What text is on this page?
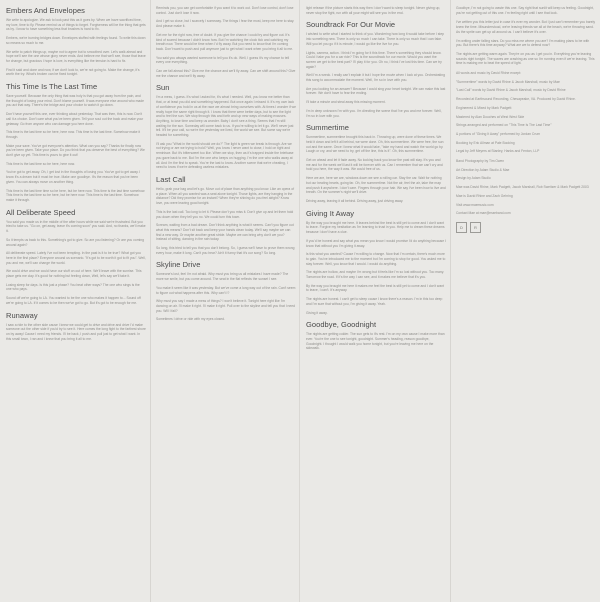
Embers And Envelopes

We write to apologize. We ask to look past this as it goes by. When we have sacrificed time, my love, time to fly. Please remind us of things to forget. Forgiveness will be the thing that gets us by. I know to have something less that brushes is hard to fix.

Embers, we're burning bridges down. Envelopes stuffed with feelings found. To write this down so means so much to me.

We write to patch things up, maybe not to agree but to smoothed over. Let's walk ahead and hope we'll see the one whose glory never ends. And believe me that we'll see, those that leave for change, but gracious I hope is love, is everything like the tension is hard to fix.

Find it said and done and now, if we don't look to, we're not going to. Make the change, it's worth the try. What's broken can be fixed tonight.

This Time Is The Last Time

Save yourself. Because the only thing that was holy is that you got away from the pain, and the thought of losing your mind. Don't blame yourself. It was everyone else around who made you act that way. There's the bridge and your choice to watch it go down.

Don't have yourself this one, ever thinking about yesterday. That was then, this is now. Don't call it a choice. Don't care what you've been given. Tell your soul out the back and make your getaway. Go from anyone who can damage you here done.

This time is the last time so be here, here now. This time is the last time. Somehow make it through.

Make your save. You've got everyone's attention. What can you say? Thanks for finally now you've been given. Take your place. Do you think that you deserve the best of everything? We don't give up yet. This time is yours to give it out!

This time is the last time so be here, here now.

You've got to get away. Oh, I get lost in the thoughts of losing you. You've got to get away. I know it's a dream but it must be true. Make one goodbye. It's the reason that you've been given. You can always move on another thing.

This time is the last time time so be here, but be here now. This time is the last time somehow. This time is the last time so be here, but be here now. This time is the last time. Somehow make it through.

All Deliberate Speed

You said you made us in the middle of the after hours while we said we're frustrated. But you tried to take us. "Go on, get away, leave it's coming soon" you said. And, no thanks, we'll make it.

So it tempts us back to this. Something's got to give. So are you listening? Or are you coming around again?

All deliberate speed. Lately I've not been tempting. In the past is it to be true? What got you here in the first place? Everyone around us scenario. "It's got to be worth it got to fit you". Well, you and me, we'll can change the world.

We could drive and we could have our stuff on out of here. We'll leave with the sunrise. This place gets me clay. It's good for nothing but feeling down, Well, let's say we'll take it.

Losing sleep for days. Is this just a phase? You beat other ways? The one who sings is the one who pays.

Sound off we're going to LA. You wanted to be the one who makes it happen to... Sound off we're going to LA. If it comes to be then we've got to go. But it's got to be enough for me.

Runaway

I saw a ride to the other side cause I knew we could get to drive and drive and drive I'd make someone out the other side if you'd try to see it. Here comes the long fight to the farthest shore on by away! Cause I need my friends. I'll be back, I push and pull just to get what I want. In this small town, I ran and I knew that you bring it all to me.

Reminds you, you can get comfortable if you want it to work out. Don't lose control, don't lose control. Just don't lose it now.

And I get so close, but I scarcely I someway. The things I fear the most, keep me here to stay. And please make it.

Get me for the right now, free of doubt. If you give the chance I could try and figure out. It's kind of scared because I didn't know how. But I'm watching the clock tick and catching my breath now. There would be time when I'd fly away. But you need to know that I'm coming back. Don't want to push and pull anymore just to get what I want when you bring it all to me.

You said you always wanted someone to tell you it's ok. Well, I guess it's my chance to tell every one everything.

Can we fall ahead this? Give me the chance and we'll fly away. Can we shift around this? Give me the chance and we'll fly away.

Sun

I'm a mess, I guess. It's what I asked for, it's what I needed. Well, you know me better than that, or at least you did and something happened. But once again I missed it. It's my own lack of confidence you hold in us at the race we almost bring ourselves with. At times I wonder if we really hope the same right through it. I know that there were better days, but to see the light and to feel the sun. We stop through this and forth and up new ways of making excuses. Anything, to lose time and keep us wonder. Baby I don't see a thing. Seems that I'm still waiting for the sun. Someday will come back to us. If you're willing to let it go. We'll never just tell. It'll be your call, so we're the yesterday we lived, the world we see. But some say we're headed for something.

I'll ask you "What in the world should we do?" The light is green we break is through. Are we not trying or are we trying to hold? Well, you know I never want to close, I hold on tight and reminisce. But it's bittersweet too like. When we stop, then as it's trapped inside the briefcase you gave back to me. But I'm the one who keeps on hugging. I'm the one who walks away at all. And I'm the first to speak. You're the last to know. Another scene that we're cheating, I need to know if we're defeating useless mistakes.

Last Call

Hello, grab your bag and let's go. Move out of place than anything you know. Like an opera of a place. When all you wanted was a seat alone tonight. Those lights, are they hanging in the distance? Did they promise for an instant? When they're shining do you feel alright? Know love, you were leaving good tonight.

This is the last call. Too long to let it. Please don't you miss it. Don't give up and let them hold you down when they tell you no. We could turn this town.

Scream, waiting from a bad dream. Don't think anything is what it seems. Can't you figure out what this means? Don't sit back and keep your hands clean today. We'll say maybe we can find a new way. Or maybe another great stride. Maybe we can bring why don't we you? Instead of sitting, dancing in the rain today.

So long, this tried to tell you that you don't belong. So, I guess we'll have to prove them wrong every hour, make it long. Can't you hear? Ain't it funny that it's our song? So long.

Skyline Drive

Someone's lost, feel I'm not afraid. Why must you bring us all mistakes I have made? The more we smile, but you come around. The seat in the flat reflects the sunset I see.

You make it seem like it was yesterday. But we've come a long way out of the rain. Can't seem to figure out what happens after this. Why can't I?

Why must you say I made a mess of things? I won't believe it. Tonight here right like I'm dancing on air. I'll make it right. I'll make it right. Pull over to the skyline and tell you that I need you. Will I fail?

Sometimes I drive or ride with my eyes closed.

light release if the picture starts this way then I don't want to sleep tonight. Never giving up, never stop the fight, run with all your might will see you in the end.

Soundtrack For Our Movie

I wished to write what I started to think of you. Wondering how long it would take before I step into something new. There is only so much I can take. There is only so much that I can fake. Will you let you go if it is minute, I would go like the live for you.

Lights, camera, action. I think I'm going for it this time. There's something they should know. Could I take you for a car ride? This is the soundtrack for our movie. Would you want the screen we get to the best part? I'll play it for you. Oh no, I think I've lost this time. Can we try again?

Well I'm a wreck. I really can't explain it but I hope the movie when I look at you. Orchestrating this song to accommodate the moment. Well, I'm so in love with you.

Are you looking for an answer? Because I could sing your heart tonight. We can make this last forever. We don't have to fear the ending.

I'll take a minute and steal away this missing moment.

I'm in deep unknown I'm with you. I'm directing the scene that I've you and me forever. Well, I'm so in love with you.

Summertime

Summertime, summertime brought this back in. Throwing up, were done of these times. We held it down and left it all behind, we were done. Oh, this summertime. We were free, the sun out and the same. Once I knew what it would take, "take my hand and watch the world go by. Laugh or cry, and we need to try, get off the line, this is it". Oh, this summertime.

Get on ahead and let it fade away. No looking back you know the past will stay. It's you and me and for the week we'll last it will be forever with us. Can I remember that we can't cry and hold you here, the way it was. We could free of us.

Here we are, here we are, windows down we see a rolling car. Stay the car. Wait for nothing but our beating hearts, going far. Oh, the summertime. Not the air, feel the air, take the map and push it anywhere. I don't care. Fingers through your hair. We say I've been how to live and breath. On the summer's night we'll drive.

Driving away, leaving it all behind. Driving away, just driving away.

Giving It Away

By the way you brought me here. It leaves behind the best is still yet to come and I don't want to leave. Forgive my hesitation as I'm learning to trust in you. Help me to dream these dreams because I don't have a clue.

If you'd be honest and say what you mean you know I would promise I'd do anything because I know that without you I'm giving it away.

Is this what you wanted? Cause I'm willing to change. Now that I'm certain, there's much more to gain. You've introduced me to the moment but I'm coming to stop for good. You asked me to stay forever. Well, you know that I would. I would do anything.

The nights are hollow, and maybe I'm wrong but it feels like I'm so lost without you. Too many. Tomorrow the road. If it's the way I can see, and it makes me believe that it's you.

By the way you brought me here it makes me feel the best is still yet to come and I don't want to leave, I can't. It's anyway.

The nights are honest. I can't get to sleep cause I know there's a reason. I'm in this too deep and I'm sure that without you, I'm giving it away. Yeah.

Giving it away.

Goodbye, Goodnight

The nights are getting colder. The sun gets to it's rest. I'm on my own cause I make more than ever. You're the one to see tonight, goodnight. Summer's heading, reason goodbye, Goodnight. I thought I would walk you home tonight, but you're leaving me here on the sidewalk.

Goodbye, I'm not going to waste this one. Say right that sunlit will keep us feeling. Goodnight, you're not getting out of this one. I'm feeling right until I see that look.

I've written you this letter just in case it's ever my wonder. But I just can't remember you barely knew the time. Misunderstood, we're leaving friends we all at the beach, we're throwing sand. As the sprite can get up all around us. I can't believe it's over.

I'm writing under falling stars. Do you miss me where you are? I'm making plans to be with you. But there's this time anyway? What are we to defend now?

The nights are getting warm again. They're on you as I get you in. Everything you're leaving sounds right tonight. The waves are crashing as one so I'm running even if we're leaving. This time is making me to beat the speed of light.

All words and music by David Rhine except:

"Summertime" words by David Rhine & Jacob Marshall, music by Mae

"Last Call" words by David Rhine & Jacob Marshall, music by David Rhine

Recorded at Earthsound Recording, Chesapeake, VA. Produced by David Rhine.

Engineered & Mixed by Mark Padgett

Mastered by Alan Douches at West West Side

Strings arranged and performed on "This Time Is The Last Time"

& portions of "Giving It Away" performed by Jordan Crum

Booking by Eric Allman at Pale Booking

Legal by Jeff Meyers at Stanley, Hanks and Fenton, LLP

Band Photography by Tim Owen

Art Direction by Adam Studio & Mae

Design by Adam Studio

Mae was David Rhine, Mark Padgett, Jacob Marshall, Rob Sweitzer & Mark Padgett 2003

Mae is David Rhine and Zach Gehring

Visit www.maemusic.com

Contact Mae at mae@maeband.com

D	R
